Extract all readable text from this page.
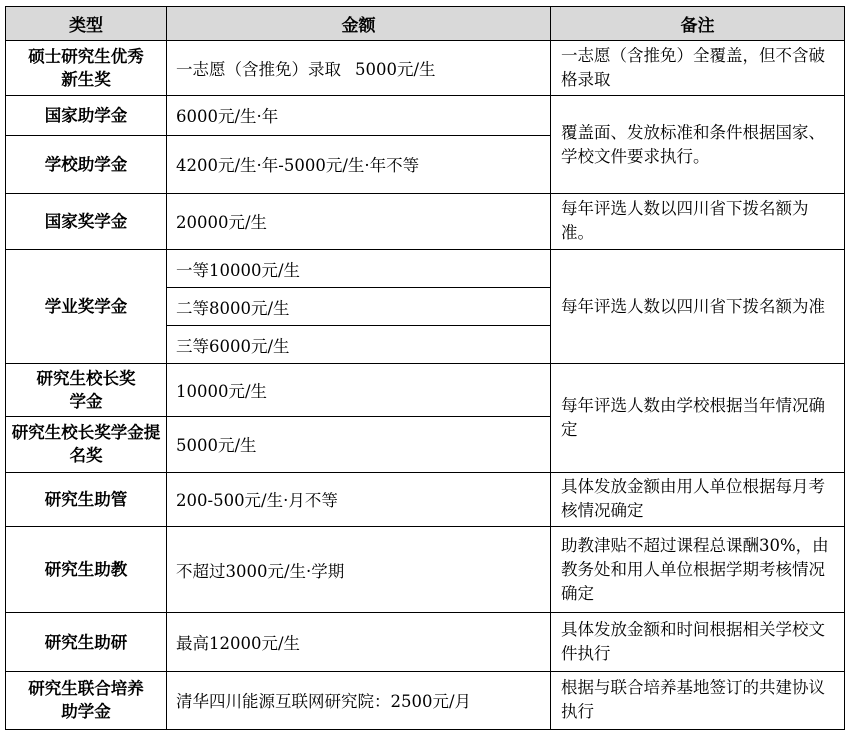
类型	金额	备注
硕士研究生优秀新生奖	一志愿（含推免）录取 5000元/生	一志愿（含推免）全覆盖，但不含破格录取
国家助学金	6000元/生·年	覆盖面、发放标准和条件根据国家、学校文件要求执行。
学校助学金	4200元/生·年-5000元/生·年不等	
国家奖学金	20000元/生	每年评选人数以四川省下拨名额为准。
学业奖学金	一等10000元/生	每年评选人数以四川省下拨名额为准
	二等8000元/生	
	三等6000元/生	
研究生校长奖学金	10000元/生	每年评选人数由学校根据当年情况确定
研究生校长奖学金提名奖	5000元/生	
研究生助管	200-500元/生·月不等	具体发放金额由用人单位根据每月考核情况确定
研究生助教	不超过3000元/生·学期	助教津贴不超过课程总课酬30%，由教务处和用人单位根据学期考核情况确定
研究生助研	最高12000元/生	具体发放金额和时间根据相关学校文件执行
研究生联合培养助学金	清华四川能源互联网研究院：2500元/月	根据与联合培养基地签订的共建协议执行
